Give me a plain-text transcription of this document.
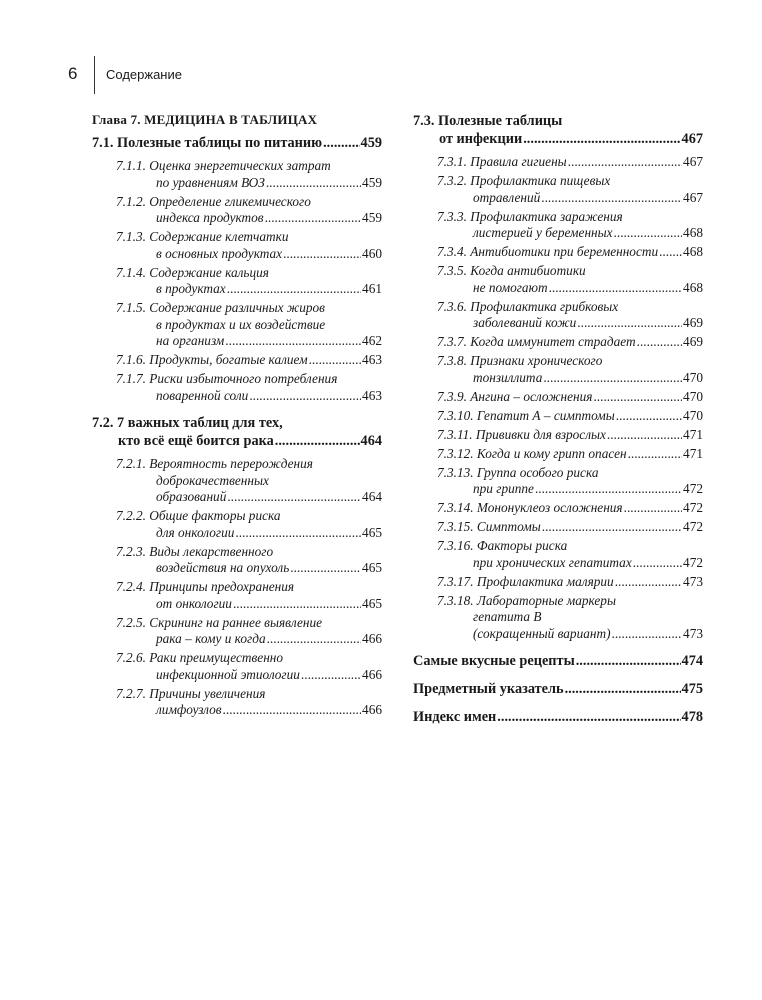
6 Содержание
Глава 7. МЕДИЦИНА В ТАБЛИЦАХ
7.1. Полезные таблицы по питанию .....	459
7.1.1. Оценка энергетических затрат
по уравнениям ВОЗ .....	459
7.1.2. Определение гликемического
индекса продуктов .....	459
7.1.3. Содержание клетчатки
в основных продуктах .....	460
7.1.4. Содержание кальция
в продуктах .....	461
7.1.5. Содержание различных жиров
в продуктах и их воздействие
на организм .....	462
7.1.6. Продукты, богатые калием .....	463
7.1.7. Риски избыточного потребления
поваренной соли .....	463
7.2. 7 важных таблиц для тех,
кто всё ещё боится рака .....	464
7.2.1. Вероятность перерождения
доброкачественных
образований .....	464
7.2.2. Общие факторы риска
для онкологии .....	465
7.2.3. Виды лекарственного
воздействия на опухоль .....	465
7.2.4. Принципы предохранения
от онкологии .....	465
7.2.5. Скрининг на раннее выявление
рака – кому и когда .....	466
7.2.6. Раки преимущественно
инфекционной этиологии .....	466
7.2.7. Причины увеличения
лимфоузлов .....	466
7.3. Полезные таблицы
от инфекции .....	467
7.3.1. Правила гигиены .....	467
7.3.2. Профилактика пищевых
отравлений .....	467
7.3.3. Профилактика заражения
листерией у беременных .....	468
7.3.4. Антибиотики при беременности ..... 468
7.3.5. Когда антибиотики
не помогают .....	468
7.3.6. Профилактика грибковых
заболеваний кожи .....	469
7.3.7. Когда иммунитет страдает .....	469
7.3.8. Признаки хронического
тонзиллита .....	470
7.3.9. Ангина – осложнения .....	470
7.3.10. Гепатит А – симптомы .....	470
7.3.11. Прививки для взрослых .....	471
7.3.12. Когда и кому грипп опасен .....	471
7.3.13. Группа особого риска
при гриппе .....	472
7.3.14. Мононуклеоз осложнения .....	472
7.3.15. Симптомы .....	472
7.3.16. Факторы риска
при хронических гепатитах .....	472
7.3.17. Профилактика малярии .....	473
7.3.18. Лабораторные маркеры
гепатита В
(сокращенный вариант) .....	473
Самые вкусные рецепты .....	474
Предметный указатель .....	475
Индекс имен .....	478
